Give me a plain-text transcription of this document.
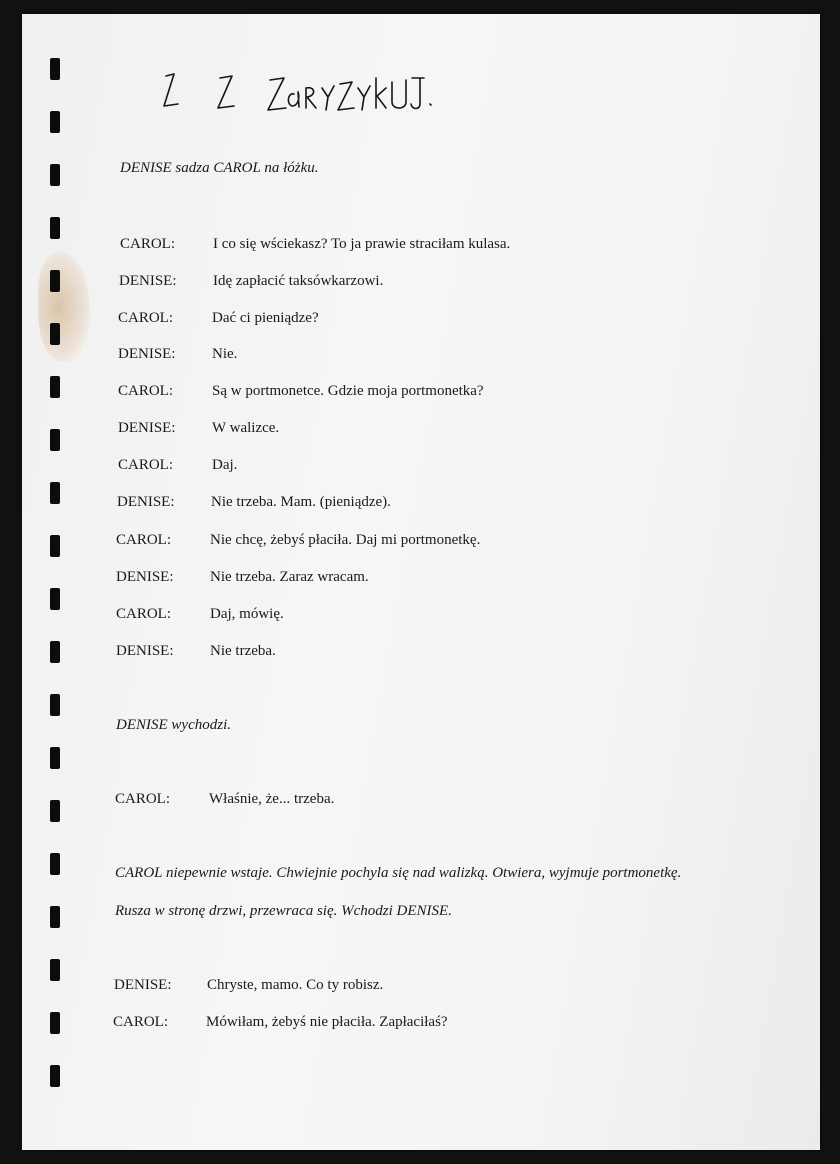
DENISE sadza CAROL na łóżku.
CAROL:	I co się wściekasz? To ja prawie straciłam kulasa.
DENISE: Idę zapłacić taksówkarzowi.
CAROL:	Dać ci pieniądze?
DENISE: Nie.
CAROL:	Są w portmonetce. Gdzie moja portmonetka?
DENISE: W walizce.
CAROL:	Daj.
DENISE: Nie trzeba. Mam. (pieniądze).
CAROL:	Nie chcę, żebyś płaciła. Daj mi portmonetkę.
DENISE: Nie trzeba. Zaraz wracam.
CAROL:	Daj, mówię.
DENISE: Nie trzeba.
DENISE wychodzi.
CAROL:	Właśnie, że... trzeba.
CAROL niepewnie wstaje. Chwiejnie pochyla się nad walizką. Otwiera, wyjmuje portmonetkę.
Rusza w stronę drzwi, przewraca się. Wchodzi DENISE.
DENISE: Chryste, mamo. Co ty robisz.
CAROL:	Mówiłam, żebyś nie płaciła. Zapłaciłaś?
